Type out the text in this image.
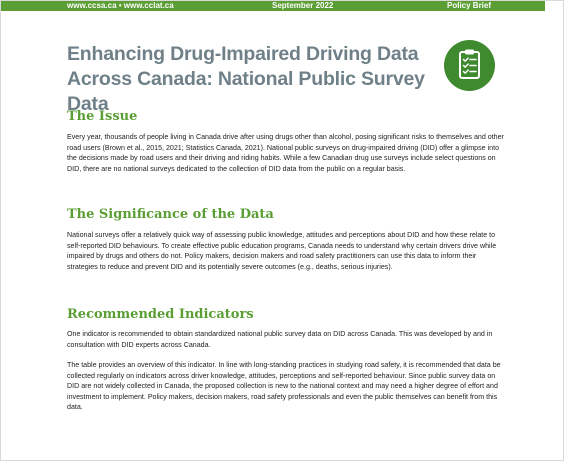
www.ccsa.ca • www.cclat.ca	September 2022	Policy Brief
Enhancing Drug-Impaired Driving Data Across Canada: National Public Survey Data
The Issue

Every year, thousands of people living in Canada drive after using drugs other than alcohol, posing significant risks to themselves and other road users (Brown et al., 2015, 2021; Statistics Canada, 2021). National public surveys on drug-impaired driving (DID) offer a glimpse into the decisions made by road users and their driving and riding habits. While a few Canadian drug use surveys include select questions on DID, there are no national surveys dedicated to the collection of DID data from the public on a regular basis.

The Significance of the Data

National surveys offer a relatively quick way of assessing public knowledge, attitudes and perceptions about DID and how these relate to self-reported DID behaviours. To create effective public education programs, Canada needs to understand why certain drivers drive while impaired by drugs and others do not. Policy makers, decision makers and road safety practitioners can use this data to inform their strategies to reduce and prevent DID and its potentially severe outcomes (e.g., deaths, serious injuries).

Recommended Indicators

One indicator is recommended to obtain standardized national public survey data on DID across Canada. This was developed by and in consultation with DID experts across Canada.

The table provides an overview of this indicator. In line with long-standing practices in studying road safety, it is recommended that data be collected regularly on indicators across driver knowledge, attitudes, perceptions and self-reported behaviour. Since public survey data on DID are not widely collected in Canada, the proposed collection is new to the national context and may need a higher degree of effort and investment to implement. Policy makers, decision makers, road safety professionals and even the public themselves can benefit from this data.
